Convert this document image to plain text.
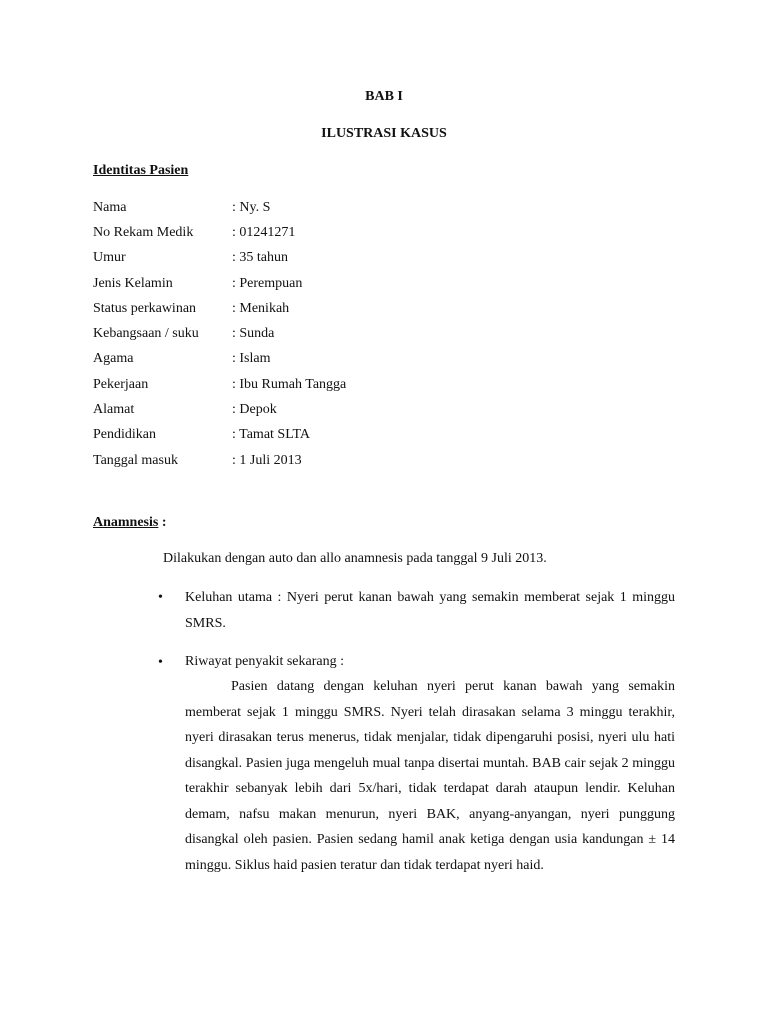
BAB I
ILUSTRASI KASUS
Identitas Pasien
Nama	: Ny. S
No Rekam Medik	: 01241271
Umur	: 35 tahun
Jenis Kelamin	: Perempuan
Status perkawinan	: Menikah
Kebangsaan / suku	: Sunda
Agama	: Islam
Pekerjaan	: Ibu Rumah Tangga
Alamat	: Depok
Pendidikan	: Tamat SLTA
Tanggal masuk	: 1 Juli 2013
Anamnesis :
Dilakukan dengan auto dan allo anamnesis pada tanggal 9 Juli 2013.
• Keluhan utama : Nyeri perut kanan bawah yang semakin memberat sejak 1 minggu SMRS.
• Riwayat penyakit sekarang :
Pasien datang dengan keluhan nyeri perut kanan bawah yang semakin memberat sejak 1 minggu SMRS. Nyeri telah dirasakan selama 3 minggu terakhir, nyeri dirasakan terus menerus, tidak menjalar, tidak dipengaruhi posisi, nyeri ulu hati disangkal. Pasien juga mengeluh mual tanpa disertai muntah. BAB cair sejak 2 minggu terakhir sebanyak lebih dari 5x/hari, tidak terdapat darah ataupun lendir. Keluhan demam, nafsu makan menurun, nyeri BAK, anyang-anyangan, nyeri punggung disangkal oleh pasien. Pasien sedang hamil anak ketiga dengan usia kandungan ± 14 minggu. Siklus haid pasien teratur dan tidak terdapat nyeri haid.
